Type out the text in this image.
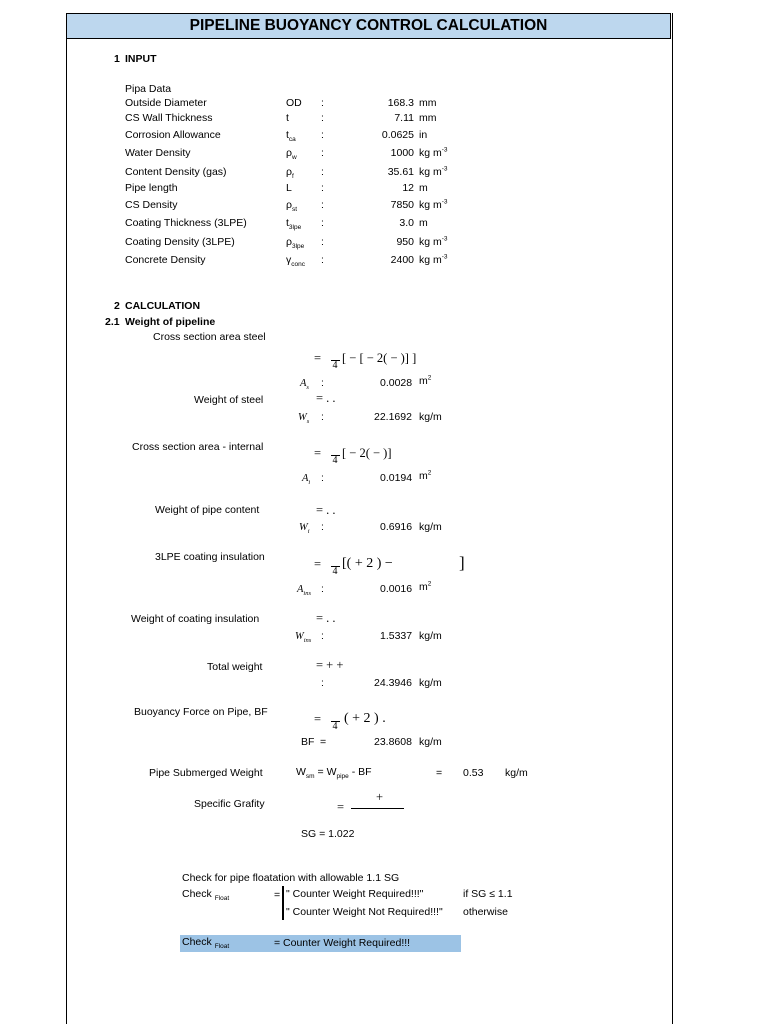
PIPELINE BUOYANCY CONTROL CALCULATION
1 INPUT
Pipa Data
Outside Diameter	OD :	168.3 mm
CS Wall Thickness	t	:	7.11 mm
Corrosion Allowance	$t_{ca}$ :	0.0625 in
Water Density	$\rho_w$ :	1000 kg $m^{-3}$
Content Density (gas)	$\rho_f$	:	35.61 kg $m^{-3}$
Pipe length	L	:	12 m
CS Density	$\rho_{st}$ :	7850 kg $m^{-3}$
Coating Thickness (3LPE)	$t_{3lpe}$ :	3.0 m
Coating Density (3LPE)	$\rho_{3lpe}$ :	950 kg $m^{-3}$
Concrete Density	$\gamma_{conc}$ :	2400 kg $m^{-3}$
2 CALCULATION
2.1 Weight of pipeline
Cross section area steel
=
4
[ − [ − 2( − )] ]
$A_s$ :	0.0028 $m^2$
Weight of steel	= . .
$W_s$ :	22.1692 kg/m
Cross section area - internal	=
4
[ − 2( − )]
$A_i$ :	0.0194 $m^2$
Weight of pipe content	= . .
$W_i$ :	0.6916 kg/m
3LPE coating insulation	=
4
[( + 2 ) −	]
$A_{ins}$ :	0.0016 $m^2$
Weight of coating insulation	= . .
$W_{ins}$ :	1.5337 kg/m
Total weight	= + +
:	24.3946 kg/m
Buoyancy Force on Pipe, BF	=
4
( + 2 ) .
BF =	23.8608 kg/m
Pipe Submerged Weight	$W_{sm} = W_{pipe}$ - BF	= 0.53 kg/m
Specific Grafity	=
+
SG = 1.022
Check for pipe floatation with allowable 1.1 SG
Check $_{Float}$	= " Counter Weight Required!!!"	if SG ≤ 1.1
" Counter Weight Not Required!!!" otherwise
Check $_{Float}$	= Counter Weight Required!!!
